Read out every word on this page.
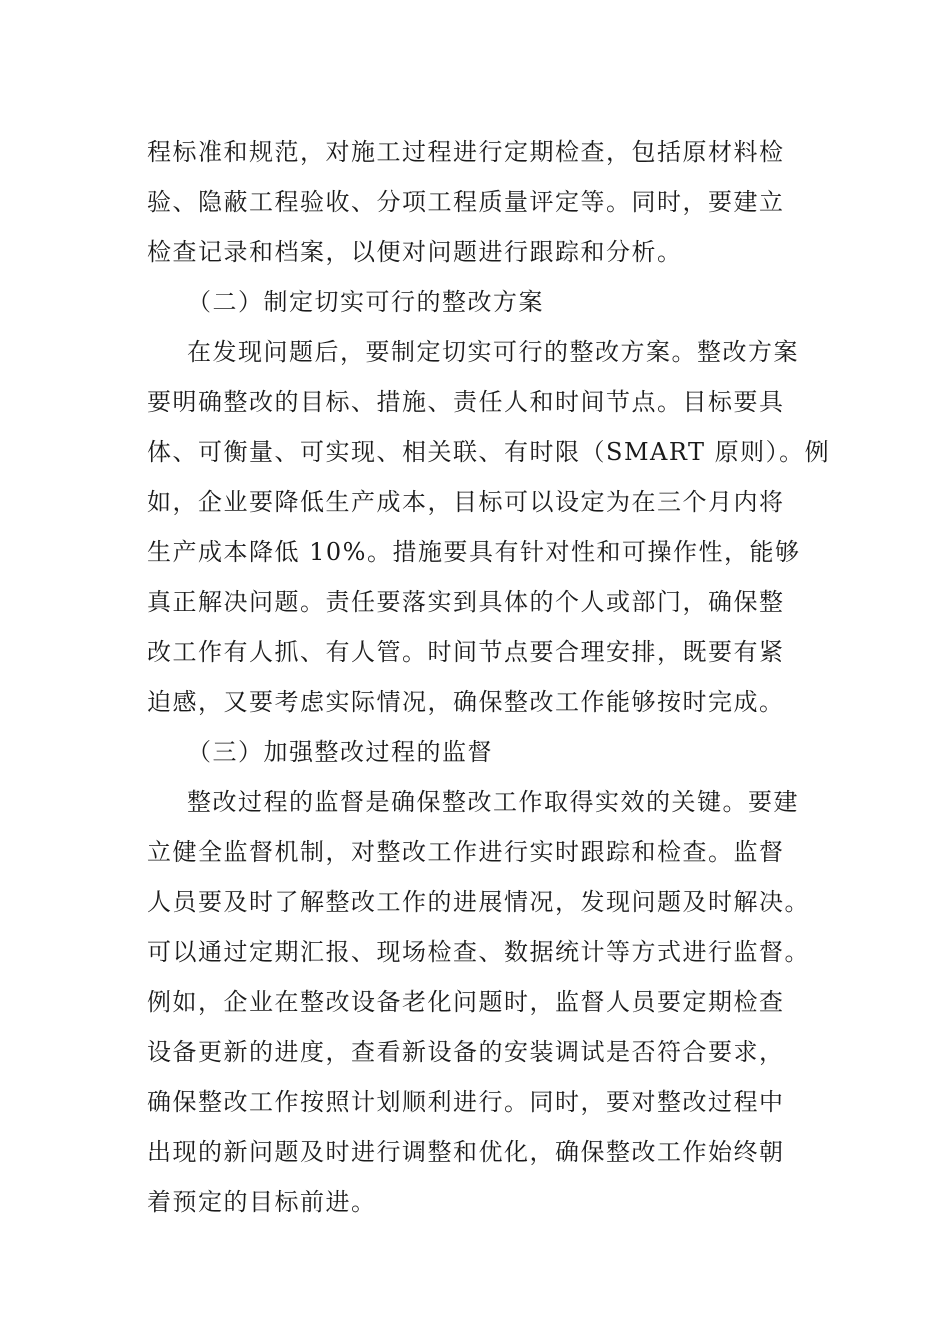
程标准和规范，对施工过程进行定期检查，包括原材料检
验、隐蔽工程验收、分项工程质量评定等。同时，要建立
检查记录和档案，以便对问题进行跟踪和分析。
（二）制定切实可行的整改方案
在发现问题后，要制定切实可行的整改方案。整改方案
要明确整改的目标、措施、责任人和时间节点。目标要具
体、可衡量、可实现、相关联、有时限（SMART 原则）。例
如，企业要降低生产成本，目标可以设定为在三个月内将
生产成本降低 10%。措施要具有针对性和可操作性，能够
真正解决问题。责任要落实到具体的个人或部门，确保整
改工作有人抓、有人管。时间节点要合理安排，既要有紧
迫感，又要考虑实际情况，确保整改工作能够按时完成。
（三）加强整改过程的监督
整改过程的监督是确保整改工作取得实效的关键。要建
立健全监督机制，对整改工作进行实时跟踪和检查。监督
人员要及时了解整改工作的进展情况，发现问题及时解决。
可以通过定期汇报、现场检查、数据统计等方式进行监督。
例如，企业在整改设备老化问题时，监督人员要定期检查
设备更新的进度，查看新设备的安装调试是否符合要求，
确保整改工作按照计划顺利进行。同时，要对整改过程中
出现的新问题及时进行调整和优化，确保整改工作始终朝
着预定的目标前进。
